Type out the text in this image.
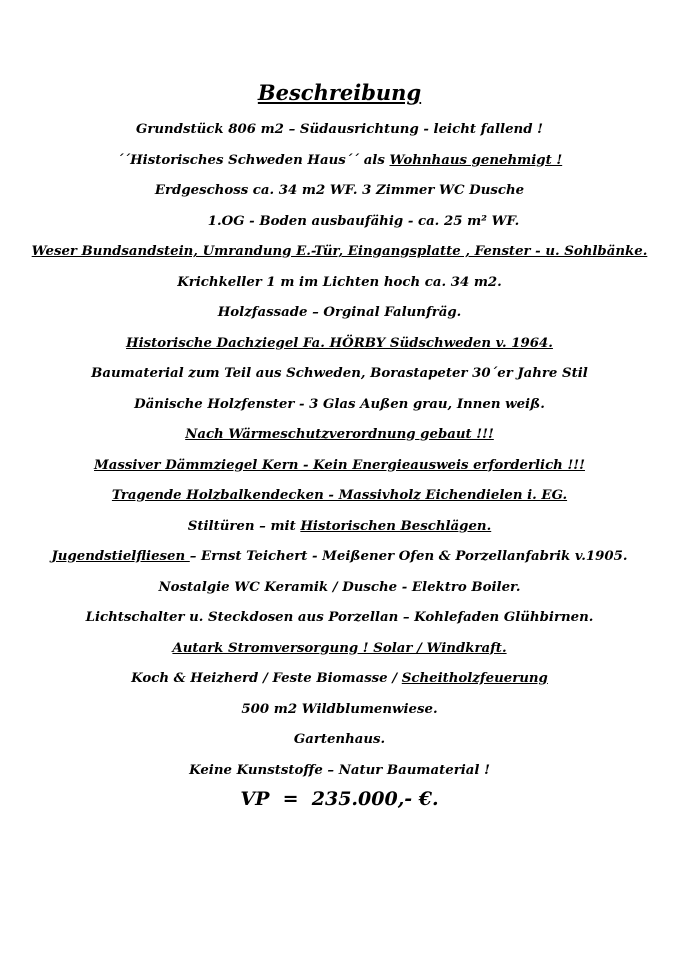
Beschreibung
Grundstück 806 m2 – Südausrichtung - leicht fallend !
´´Historisches Schweden Haus´´ als Wohnhaus genehmigt !
Erdgeschoss ca. 34 m2 WF. 3 Zimmer WC Dusche
1.OG - Boden ausbaufähig - ca. 25 m² WF.
Weser Bundsandstein, Umrandung E.-Tür, Eingangsplatte , Fenster - u. Sohlbänke.
Krichkeller 1 m im Lichten hoch ca. 34 m2.
Holzfassade – Orginal Falunfräg.
Historische Dachziegel Fa. HÖRBY Südschweden v. 1964.
Baumaterial zum Teil aus Schweden, Borastapeter 30´er Jahre Stil
Dänische Holzfenster - 3 Glas Außen grau, Innen weiß.
Nach Wärmeschutzverordnung gebaut !!!
Massiver Dämmziegel Kern - Kein Energieausweis erforderlich !!!
Tragende Holzbalkendecken - Massivholz Eichendielen i. EG.
Stiltüren – mit Historischen Beschlägen.
Jugendstielfliesen – Ernst Teichert - Meißener Ofen & Porzellanfabrik v.1905.
Nostalgie WC Keramik / Dusche - Elektro Boiler.
Lichtschalter u. Steckdosen aus Porzellan – Kohlefaden Glühbirnen.
Autark Stromversorgung ! Solar / Windkraft.
Koch & Heizherd / Feste Biomasse / Scheitholzfeuerung
500 m2 Wildblumenwiese.
Gartenhaus.
Keine Kunststoffe – Natur Baumaterial !
VP  =  235.000,- €.
